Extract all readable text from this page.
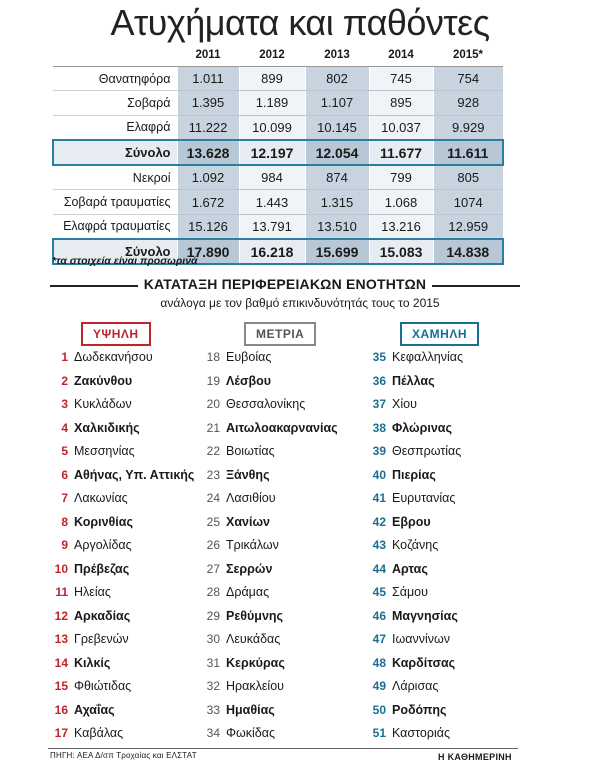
Ατυχήματα και παθόντες
	2011	2012	2013	2014	2015*
Θανατηφόρα	1.011	899	802	745	754
Σοβαρά	1.395	1.189	1.107	895	928
Ελαφρά	11.222	10.099	10.145	10.037	9.929
Σύνολο	13.628	12.197	12.054	11.677	11.611
Νεκροί	1.092	984	874	799	805
Σοβαρά τραυματίες	1.672	1.443	1.315	1.068	1074
Ελαφρά τραυματίες	15.126	13.791	13.510	13.216	12.959
Σύνολο	17.890	16.218	15.699	15.083	14.838
*τα στοιχεία είναι προσωρινά
ΚΑΤΑΤΑΞΗ ΠΕΡΙΦΕΡΕΙΑΚΩΝ ΕΝΟΤΗΤΩΝ
ανάλογα με τον βαθμό επικινδυνότητάς τους το 2015
ΥΨΗΛΗ	ΜΕΤΡΙΑ	ΧΑΜΗΛΗ
1 Δωδεκανήσου
2 Ζακύνθου
3 Κυκλάδων
4 Χαλκιδικής
5 Μεσσηνίας
6 Αθήνας, Υπ. Αττικής
7 Λακωνίας
8 Κορινθίας
9 Αργολίδας
10 Πρέβεζας
11 Ηλείας
12 Αρκαδίας
13 Γρεβενών
14 Κιλκίς
15 Φθιώτιδας
16 Αχαΐας
17 Καβάλας
18 Ευβοίας
19 Λέσβου
20 Θεσσαλονίκης
21 Αιτωλοακαρνανίας
22 Βοιωτίας
23 Ξάνθης
24 Λασιθίου
25 Χανίων
26 Τρικάλων
27 Σερρών
28 Δράμας
29 Ρεθύμνης
30 Λευκάδας
31 Κερκύρας
32 Ηρακλείου
33 Ημαθίας
34 Φωκίδας
35 Κεφαλληνίας
36 Πέλλας
37 Χίου
38 Φλώρινας
39 Θεσπρωτίας
40 Πιερίας
41 Ευρυτανίας
42 Εβρου
43 Κοζάνης
44 Αρτας
45 Σάμου
46 Μαγνησίας
47 Ιωαννίνων
48 Καρδίτσας
49 Λάρισας
50 Ροδόπης
51 Καστοριάς
ΠΗΓΗ: ΑΕΑ Δ/σπ Τροχαίας και ΕΛΣΤΑΤ	Η ΚΑΘΗΜΕΡΙΝΗ
